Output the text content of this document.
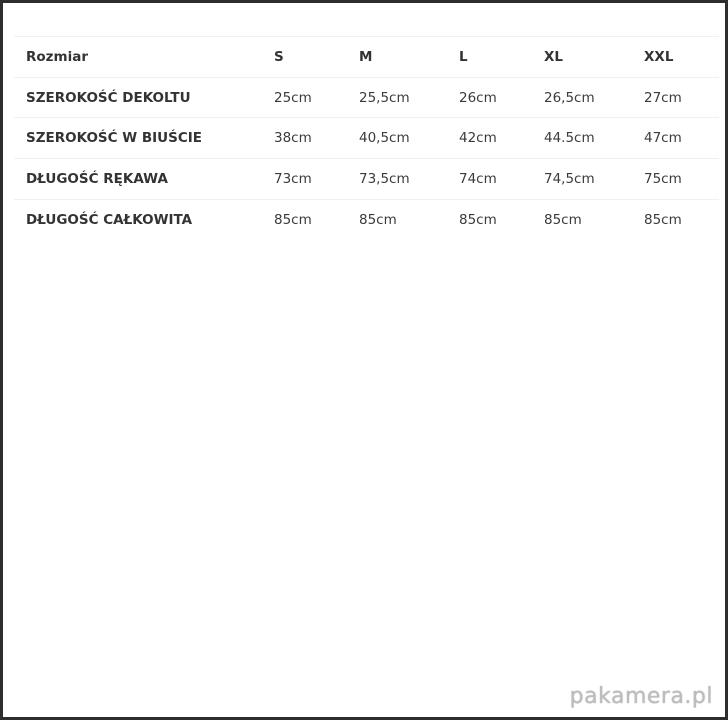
Rozmiar	S	M	L	XL	XXL
SZEROKOŚĆ DEKOLTU	25cm	25,5cm	26cm	26,5cm	27cm
SZEROKOŚĆ W BIUŚCIE	38cm	40,5cm	42cm	44.5cm	47cm
DŁUGOŚĆ RĘKAWA	73cm	73,5cm	74cm	74,5cm	75cm
DŁUGOŚĆ CAŁKOWITA	85cm	85cm	85cm	85cm	85cm
pakamera.pl
